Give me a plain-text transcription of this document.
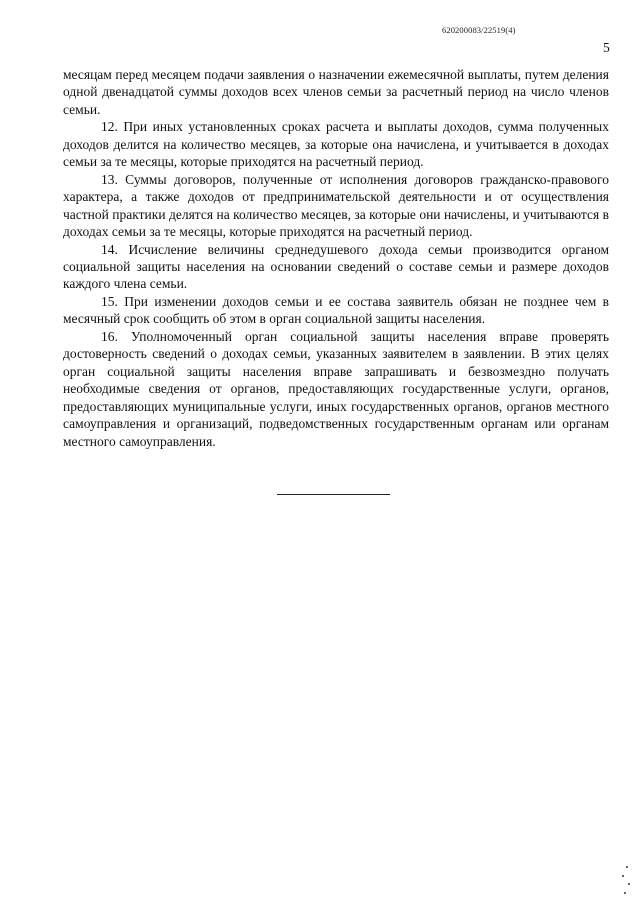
620200083/22519(4)
5

месяцам перед месяцем подачи заявления о назначении ежемесячной выплаты, путем деления одной двенадцатой суммы доходов всех членов семьи за расчетный период на число членов семьи.

12. При иных установленных сроках расчета и выплаты доходов, сумма полученных доходов делится на количество месяцев, за которые она начислена, и учитывается в доходах семьи за те месяцы, которые приходятся на расчетный период.

13. Суммы договоров, полученные от исполнения договоров гражданско-правового характера, а также доходов от предпринимательской деятельности и от осуществления частной практики делятся на количество месяцев, за которые они начислены, и учитываются в доходах семьи за те месяцы, которые приходятся на расчетный период.

14. Исчисление величины среднедушевого дохода семьи производится органом социальной защиты населения на основании сведений о составе семьи и размере доходов каждого члена семьи.

15. При изменении доходов семьи и ее состава заявитель обязан не позднее чем в месячный срок сообщить об этом в орган социальной защиты населения.

16. Уполномоченный орган социальной защиты населения вправе проверять достоверность сведений о доходах семьи, указанных заявителем в заявлении. В этих целях орган социальной защиты населения вправе запрашивать и безвозмездно получать необходимые сведения от органов, предоставляющих государственные услуги, органов, предоставляющих муниципальные услуги, иных государственных органов, органов местного самоуправления и организаций, подведомственных государственным органам или органам местного самоуправления.
